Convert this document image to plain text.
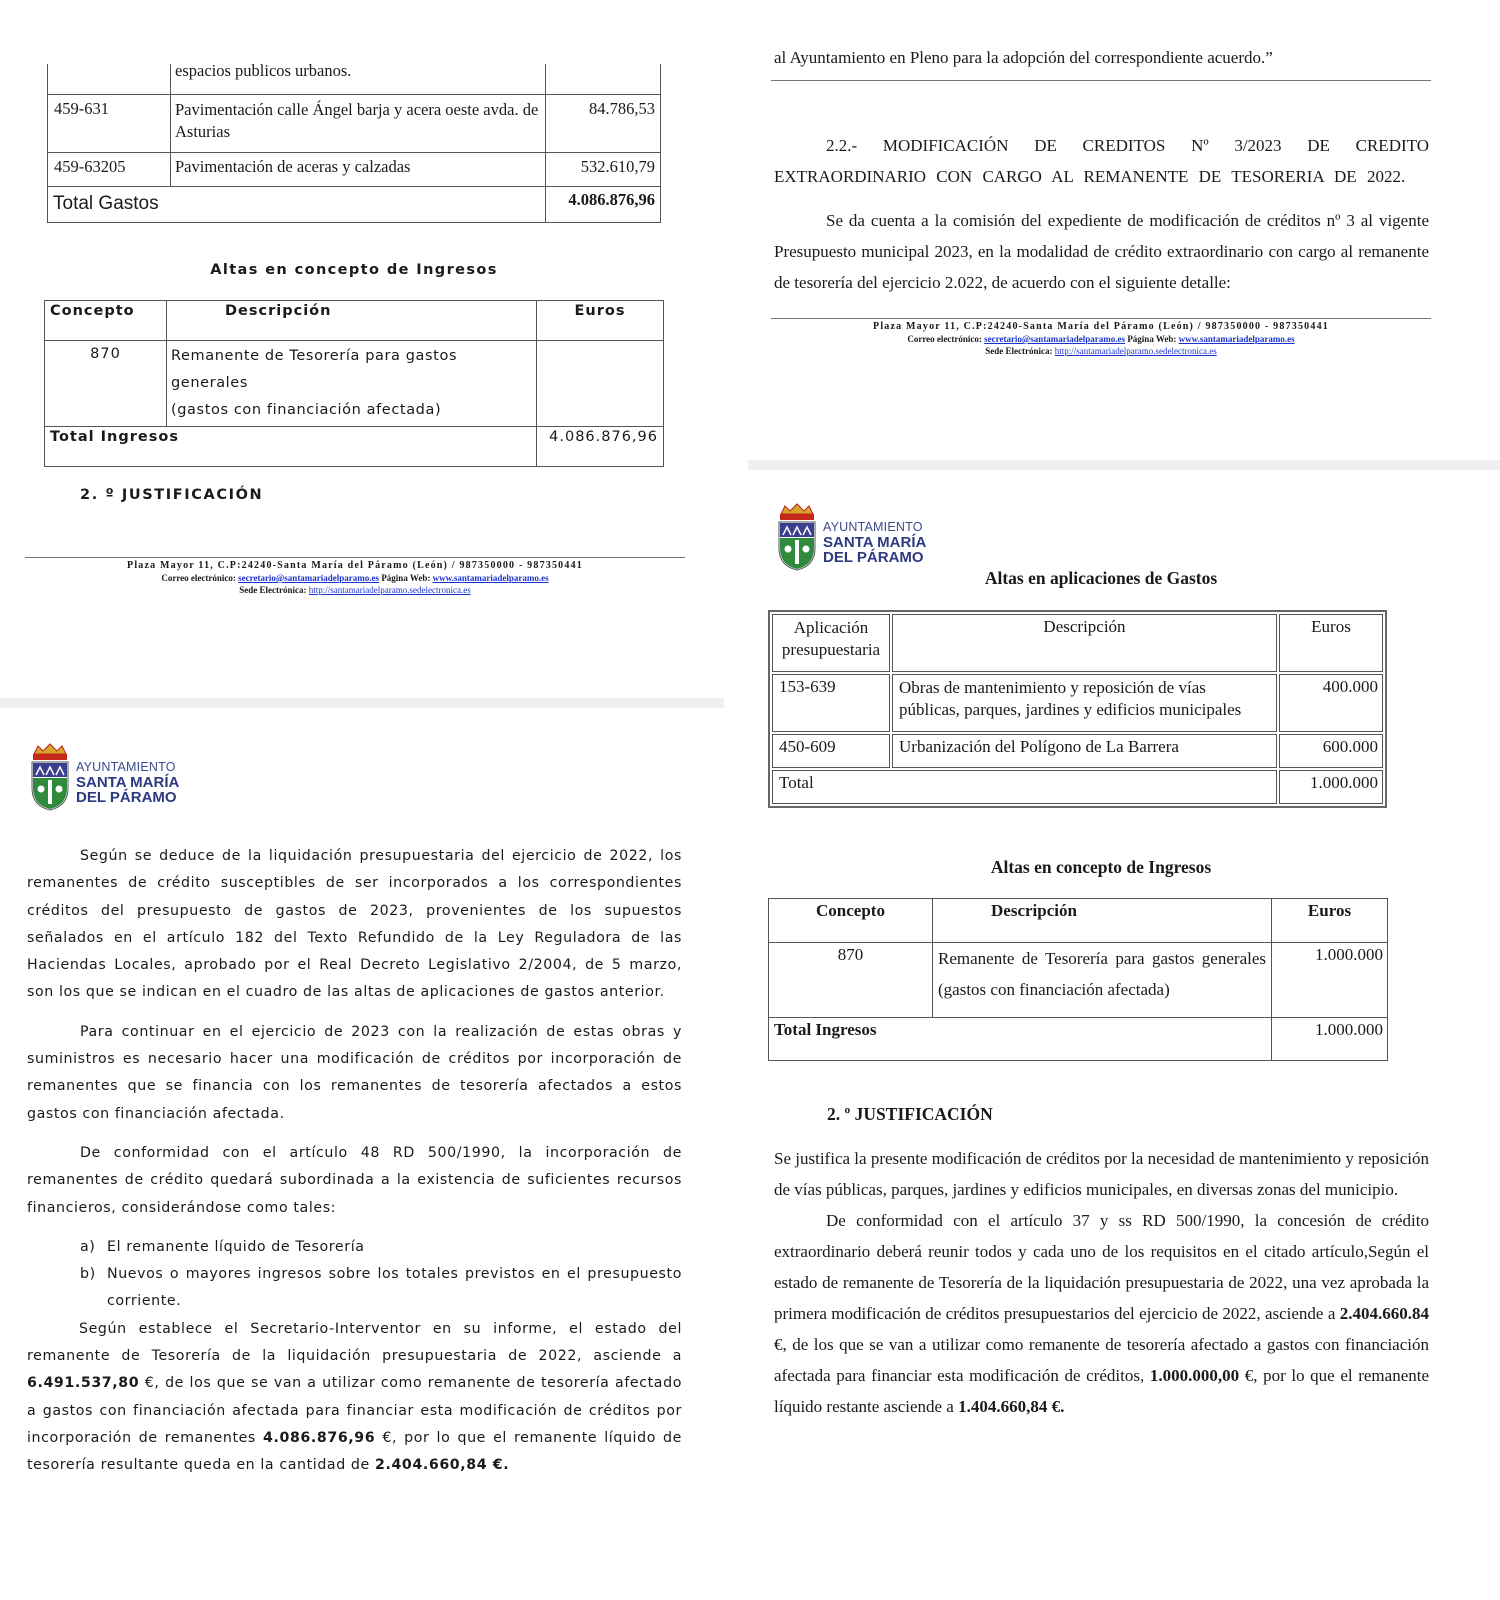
	espacios publicos urbanos.	
459-631	Pavimentación calle Ángel barja y acera oeste avda. de Asturias	84.786,53
459-63205	Pavimentación de aceras y calzadas	532.610,79
Total Gastos		4.086.876,96
Altas en concepto de Ingresos
Concepto	Descripción	Euros
870	Remanente de Tesorería para gastos generales
(gastos con financiación afectada)	
Total Ingresos		4.086.876,96
2. º JUSTIFICACIÓN
Plaza Mayor 11, C.P:24240-Santa María del Páramo (León) / 987350000 - 987350441
Correo electrónico: secretario@santamariadelparamo.es Página Web: www.santamariadelparamo.es
Sede Electrónica: http://santamariadelparamo.sedelectronica.es
AYUNTAMIENTO
SANTA MARÍA
DEL PÁRAMO
Según se deduce de la liquidación presupuestaria del ejercicio de 2022, los remanentes de crédito susceptibles de ser incorporados a los correspondientes créditos del presupuesto de gastos de 2023, provenientes de los supuestos señalados en el artículo 182 del Texto Refundido de la Ley Reguladora de las Haciendas Locales, aprobado por el Real Decreto Legislativo 2/2004, de 5 marzo, son los que se indican en el cuadro de las altas de aplicaciones de gastos anterior.
Para continuar en el ejercicio de 2023 con la realización de estas obras y suministros es necesario hacer una modificación de créditos por incorporación de remanentes que se financia con los remanentes de tesorería afectados a estos gastos con financiación afectada.
De conformidad con el artículo 48 RD 500/1990, la incorporación de remanentes de crédito quedará subordinada a la existencia de suficientes recursos financieros, considerándose como tales:
a) El remanente líquido de Tesorería
b) Nuevos o mayores ingresos sobre los totales previstos en el presupuesto corriente.
Según establece el Secretario-Interventor en su informe, el estado del remanente de Tesorería de la liquidación presupuestaria de 2022, asciende a 6.491.537,80 €, de los que se van a utilizar como remanente de tesorería afectado a gastos con financiación afectada para financiar esta modificación de créditos por incorporación de remanentes 4.086.876,96 €, por lo que el remanente líquido de tesorería resultante queda en la cantidad de 2.404.660,84 €.
al Ayuntamiento en Pleno para la adopción del correspondiente acuerdo.”
2.2.- MODIFICACIÓN DE CREDITOS Nº 3/2023 DE CREDITO EXTRAORDINARIO CON CARGO AL REMANENTE DE TESORERIA DE 2022.
Se da cuenta a la comisión del expediente de modificación de créditos nº 3 al vigente Presupuesto municipal 2023, en la modalidad de crédito extraordinario con cargo al remanente de tesorería del ejercicio 2.022, de acuerdo con el siguiente detalle:
Plaza Mayor 11, C.P:24240-Santa María del Páramo (León) / 987350000 - 987350441
Correo electrónico: secretario@santamariadelparamo.es Página Web: www.santamariadelparamo.es
Sede Electrónica: http://santamariadelparamo.sedelectronica.es
AYUNTAMIENTO
SANTA MARÍA
DEL PÁRAMO
Altas en aplicaciones de Gastos
Aplicación presupuestaria	Descripción	Euros
153-639	Obras de mantenimiento y reposición de vías públicas, parques, jardines y edificios municipales	400.000
450-609	Urbanización del Polígono de La Barrera	600.000
Total		1.000.000
Altas en concepto de Ingresos
Concepto	Descripción	Euros
870	Remanente de Tesorería para gastos generales (gastos con financiación afectada)	1.000.000
Total Ingresos		1.000.000
2. º JUSTIFICACIÓN
Se justifica la presente modificación de créditos por la necesidad de mantenimiento y reposición de vías públicas, parques, jardines y edificios municipales, en diversas zonas del municipio.
De conformidad con el artículo 37 y ss RD 500/1990, la concesión de crédito extraordinario deberá reunir todos y cada uno de los requisitos en el citado artículo,Según el estado de remanente de Tesorería de la liquidación presupuestaria de 2022, una vez aprobada la primera modificación de créditos presupuestarios del ejercicio de 2022, asciende a 2.404.660.84 €, de los que se van a utilizar como remanente de tesorería afectado a gastos con financiación afectada para financiar esta modificación de créditos, 1.000.000,00 €, por lo que el remanente líquido restante asciende a 1.404.660,84 €.
